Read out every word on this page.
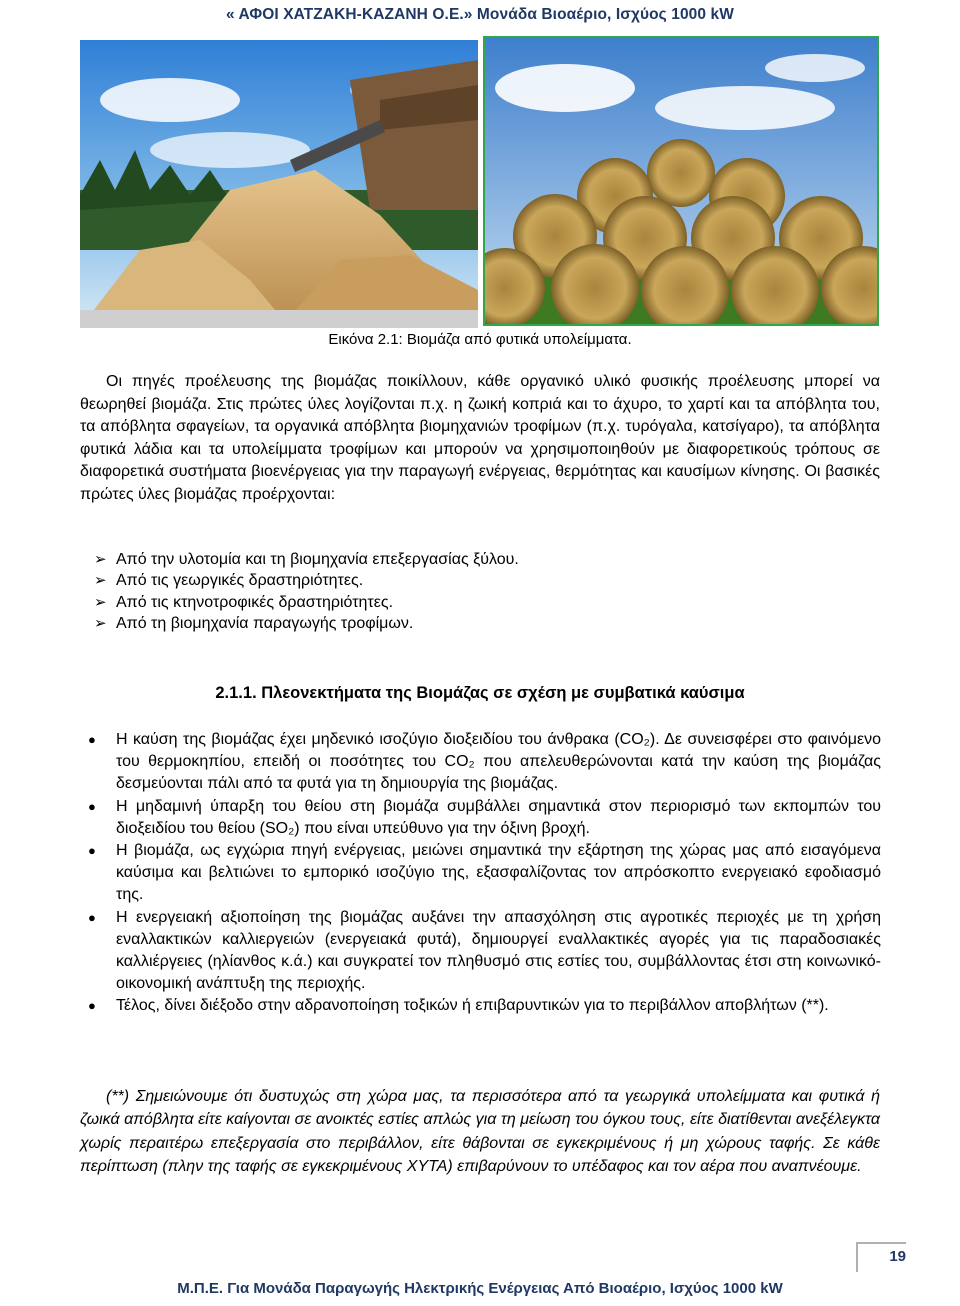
« ΑΦΟΙ ΧΑΤΖΑΚΗ-ΚΑΖΑΝΗ Ο.Ε.» Μονάδα Βιοαέριο, Ισχύος 1000 kW
Εικόνα 2.1: Βιομάζα από φυτικά υπολείμματα.

Οι πηγές προέλευσης της βιομάζας ποικίλλουν, κάθε οργανικό υλικό φυσικής προέλευσης μπορεί να θεωρηθεί βιομάζα. Στις πρώτες ύλες λογίζονται π.χ. η ζωική κοπριά και το άχυρο, το χαρτί και τα απόβλητα του, τα απόβλητα σφαγείων, τα οργανικά απόβλητα βιομηχανιών τροφίμων (π.χ. τυρόγαλα, κατσίγαρο), τα απόβλητα φυτικά λάδια και τα υπολείμματα τροφίμων και μπορούν να χρησιμοποιηθούν με διαφορετικούς τρόπους σε διαφορετικά συστήματα βιοενέργειας για την παραγωγή ενέργειας, θερμότητας και καυσίμων κίνησης. Οι βασικές πρώτες ύλες βιομάζας προέρχονται:

➢ Από την υλοτομία και τη βιομηχανία επεξεργασίας ξύλου.
➢ Από τις γεωργικές δραστηριότητες.
➢ Από τις κτηνοτροφικές δραστηριότητες.
➢ Από τη βιομηχανία παραγωγής τροφίμων.
2.1.1. Πλεονεκτήματα της Βιομάζας σε σχέση με συμβατικά καύσιμα
● Η καύση της βιομάζας έχει μηδενικό ισοζύγιο διοξειδίου του άνθρακα (CO₂). Δε συνεισφέρει στο φαινόμενο του θερμοκηπίου, επειδή οι ποσότητες του CO₂ που απελευθερώνονται κατά την καύση της βιομάζας δεσμεύονται πάλι από τα φυτά για τη δημιουργία της βιομάζας.
● Η μηδαμινή ύπαρξη του θείου στη βιομάζα συμβάλλει σημαντικά στον περιορισμό των εκπομπών του διοξειδίου του θείου (SO₂) που είναι υπεύθυνο για την όξινη βροχή.
● Η βιομάζα, ως εγχώρια πηγή ενέργειας, μειώνει σημαντικά την εξάρτηση της χώρας μας από εισαγόμενα καύσιμα και βελτιώνει το εμπορικό ισοζύγιο της, εξασφαλίζοντας τον απρόσκοπτο ενεργειακό εφοδιασμό της.
● Η ενεργειακή αξιοποίηση της βιομάζας αυξάνει την απασχόληση στις αγροτικές περιοχές με τη χρήση εναλλακτικών καλλιεργειών (ενεργειακά φυτά), δημιουργεί εναλλακτικές αγορές για τις παραδοσιακές καλλιέργειες (ηλίανθος κ.ά.) και συγκρατεί τον πληθυσμό στις εστίες του, συμβάλλοντας έτσι στη κοινωνικό-οικονομική ανάπτυξη της περιοχής.
● Τέλος, δίνει διέξοδο στην αδρανοποίηση τοξικών ή επιβαρυντικών για το περιβάλλον αποβλήτων (**).

(**) Σημειώνουμε ότι δυστυχώς στη χώρα μας, τα περισσότερα από τα γεωργικά υπολείμματα και φυτικά ή ζωικά απόβλητα είτε καίγονται σε ανοικτές εστίες απλώς για τη μείωση του όγκου τους, είτε διατίθενται ανεξέλεγκτα χωρίς περαιτέρω επεξεργασία στο περιβάλλον, είτε θάβονται σε εγκεκριμένους ή μη χώρους ταφής. Σε κάθε περίπτωση (πλην της ταφής σε εγκεκριμένους ΧΥΤΑ) επιβαρύνουν το υπέδαφος και τον αέρα που αναπνέουμε.

19
Μ.Π.Ε. Για Μονάδα Παραγωγής Ηλεκτρικής Ενέργειας Από Βιοαέριο, Ισχύος 1000 kW
